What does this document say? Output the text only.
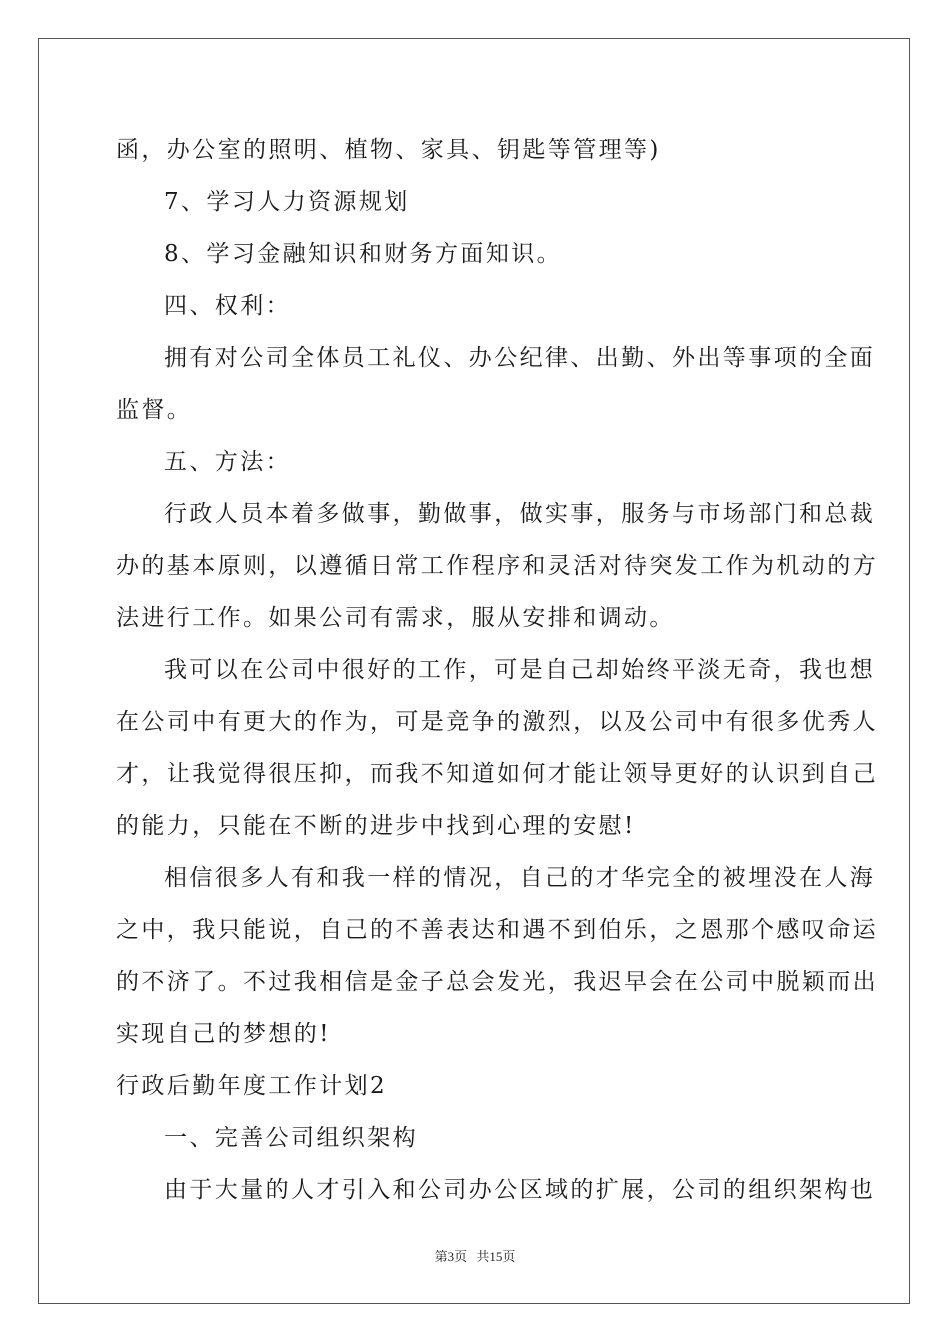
函，办公室的照明、植物、家具、钥匙等管理等)
7、学习人力资源规划
8、学习金融知识和财务方面知识。
四、权利：
拥有对公司全体员工礼仪、办公纪律、出勤、外出等事项的全面
监督。
五、方法：
行政人员本着多做事，勤做事，做实事，服务与市场部门和总裁
办的基本原则，以遵循日常工作程序和灵活对待突发工作为机动的方
法进行工作。如果公司有需求，服从安排和调动。
我可以在公司中很好的工作，可是自己却始终平淡无奇，我也想
在公司中有更大的作为，可是竞争的激烈，以及公司中有很多优秀人
才，让我觉得很压抑，而我不知道如何才能让领导更好的认识到自己
的能力，只能在不断的进步中找到心理的安慰!
相信很多人有和我一样的情况，自己的才华完全的被埋没在人海
之中，我只能说，自己的不善表达和遇不到伯乐，之恩那个感叹命运
的不济了。不过我相信是金子总会发光，我迟早会在公司中脱颖而出
实现自己的梦想的!
行政后勤年度工作计划2
一、完善公司组织架构
由于大量的人才引入和公司办公区域的扩展，公司的组织架构也
第3页 共15页
